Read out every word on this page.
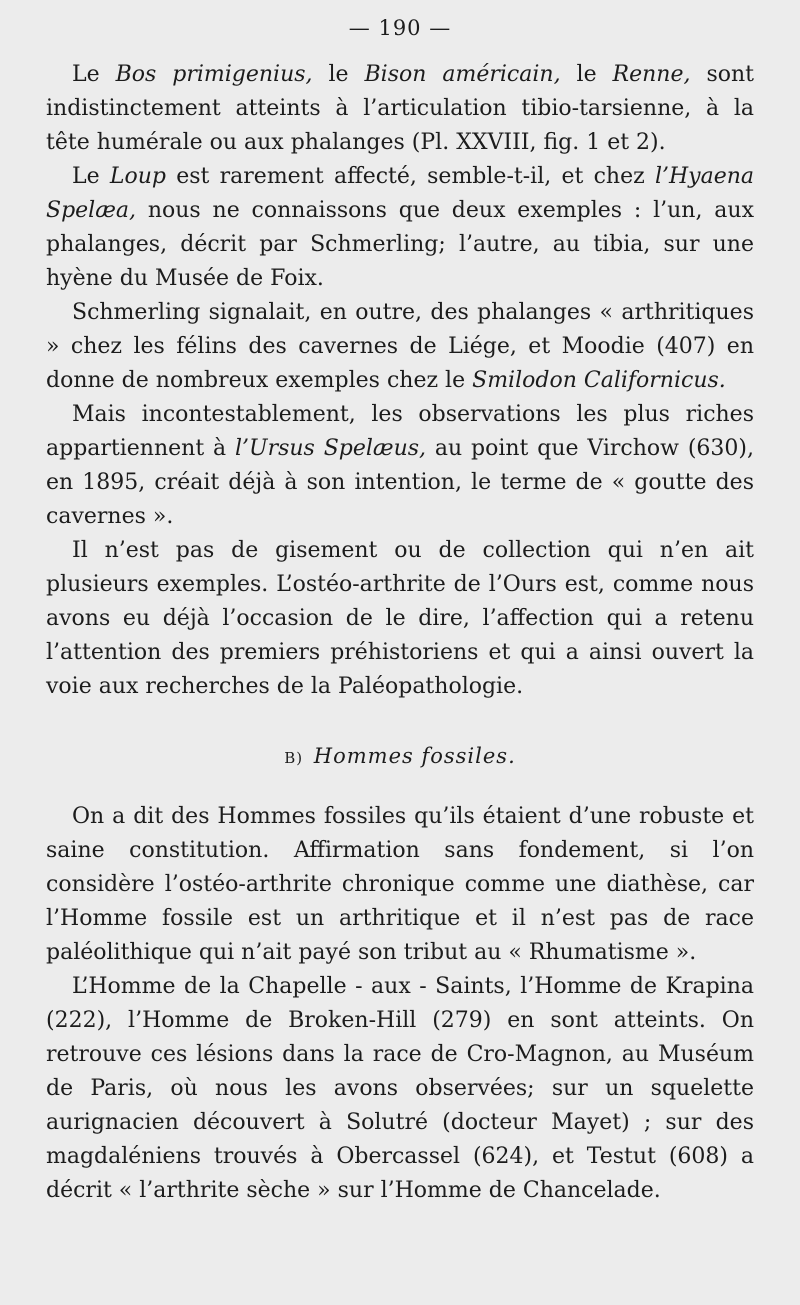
— 190 —

Le Bos primigenius, le Bison américain, le Renne, sont indistinctement atteints à l’articulation tibio-tarsienne, à la tête humérale ou aux phalanges (Pl. XXVIII, fig. 1 et 2).

Le Loup est rarement affecté, semble-t-il, et chez l’Hyaena Spelæa, nous ne connaissons que deux exemples : l’un, aux phalanges, décrit par Schmerling; l’autre, au tibia, sur une hyène du Musée de Foix.

Schmerling signalait, en outre, des phalanges « arthritiques » chez les félins des cavernes de Liége, et Moodie (407) en donne de nombreux exemples chez le Smilodon Californicus.

Mais incontestablement, les observations les plus riches appartiennent à l’Ursus Spelæus, au point que Virchow (630), en 1895, créait déjà à son intention, le terme de « goutte des cavernes ».

Il n’est pas de gisement ou de collection qui n’en ait plusieurs exemples. L’ostéo-arthrite de l’Ours est, comme nous avons eu déjà l’occasion de le dire, l’affection qui a retenu l’attention des premiers préhistoriens et qui a ainsi ouvert la voie aux recherches de la Paléopathologie.

B) Hommes fossiles.

On a dit des Hommes fossiles qu’ils étaient d’une robuste et saine constitution. Affirmation sans fondement, si l’on considère l’ostéo-arthrite chronique comme une diathèse, car l’Homme fossile est un arthritique et il n’est pas de race paléolithique qui n’ait payé son tribut au « Rhumatisme ».

L’Homme de la Chapelle - aux - Saints, l’Homme de Krapina (222), l’Homme de Broken-Hill (279) en sont atteints. On retrouve ces lésions dans la race de Cro-Magnon, au Muséum de Paris, où nous les avons observées; sur un squelette aurignacien découvert à Solutré (docteur Mayet) ; sur des magdaléniens trouvés à Obercassel (624), et Testut (608) a décrit « l’arthrite sèche » sur l’Homme de Chancelade.
